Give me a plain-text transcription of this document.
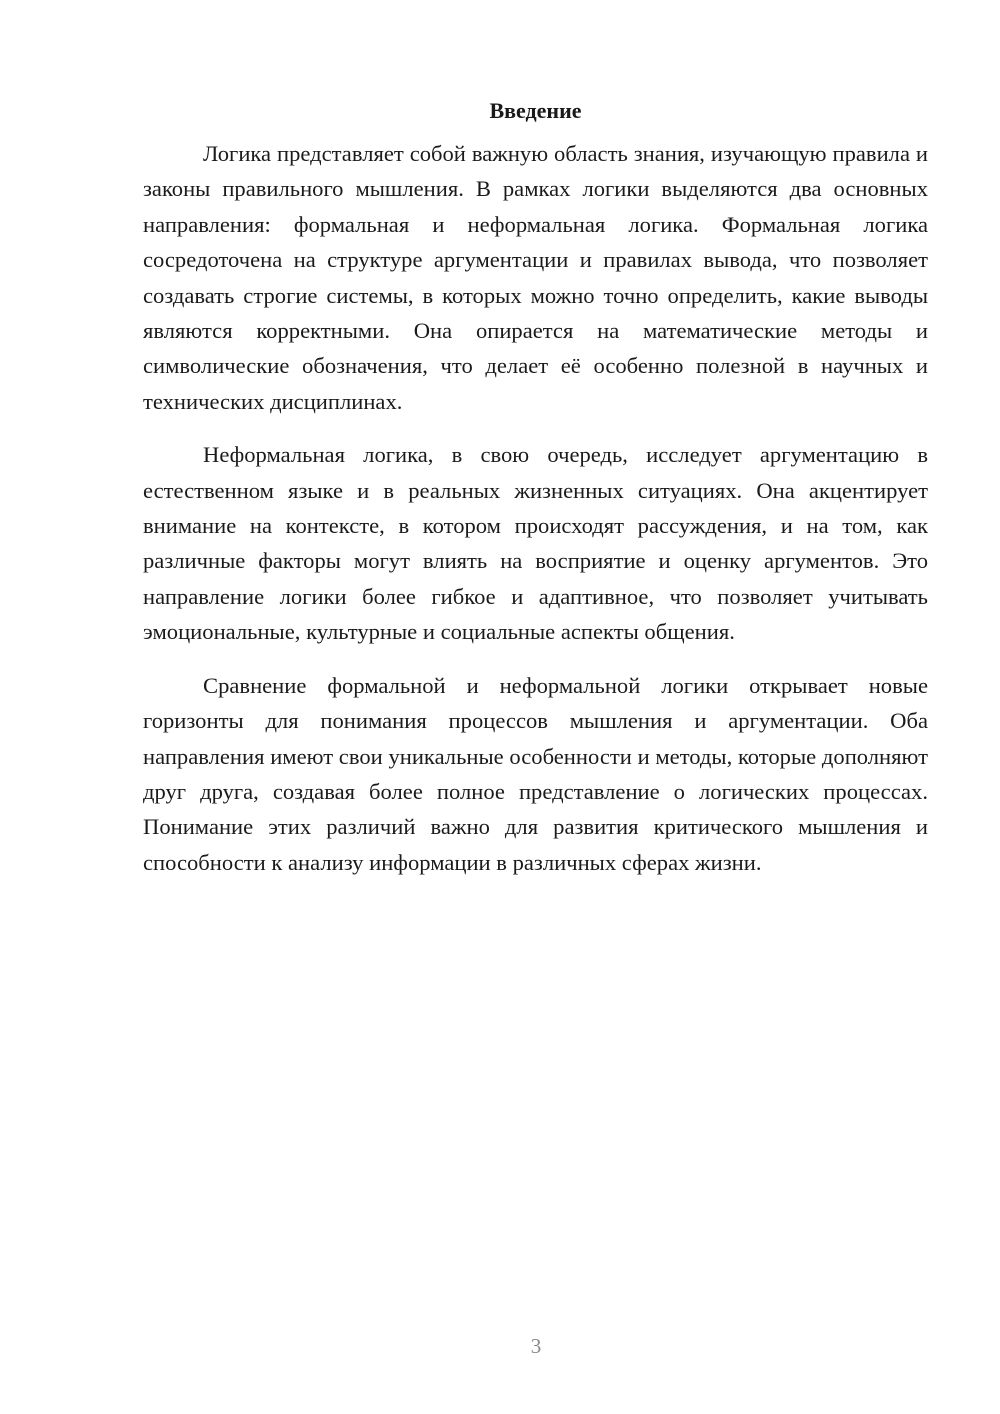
Введение

Логика представляет собой важную область знания, изучающую правила и законы правильного мышления. В рамках логики выделяются два основных направления: формальная и неформальная логика. Формальная логика сосредоточена на структуре аргументации и правилах вывода, что позволяет создавать строгие системы, в которых можно точно определить, какие выводы являются корректными. Она опирается на математические методы и символические обозначения, что делает её особенно полезной в научных и технических дисциплинах.

Неформальная логика, в свою очередь, исследует аргументацию в естественном языке и в реальных жизненных ситуациях. Она акцентирует внимание на контексте, в котором происходят рассуждения, и на том, как различные факторы могут влиять на восприятие и оценку аргументов. Это направление логики более гибкое и адаптивное, что позволяет учитывать эмоциональные, культурные и социальные аспекты общения.

Сравнение формальной и неформальной логики открывает новые горизонты для понимания процессов мышления и аргументации. Оба направления имеют свои уникальные особенности и методы, которые дополняют друг друга, создавая более полное представление о логических процессах. Понимание этих различий важно для развития критического мышления и способности к анализу информации в различных сферах жизни.

3
